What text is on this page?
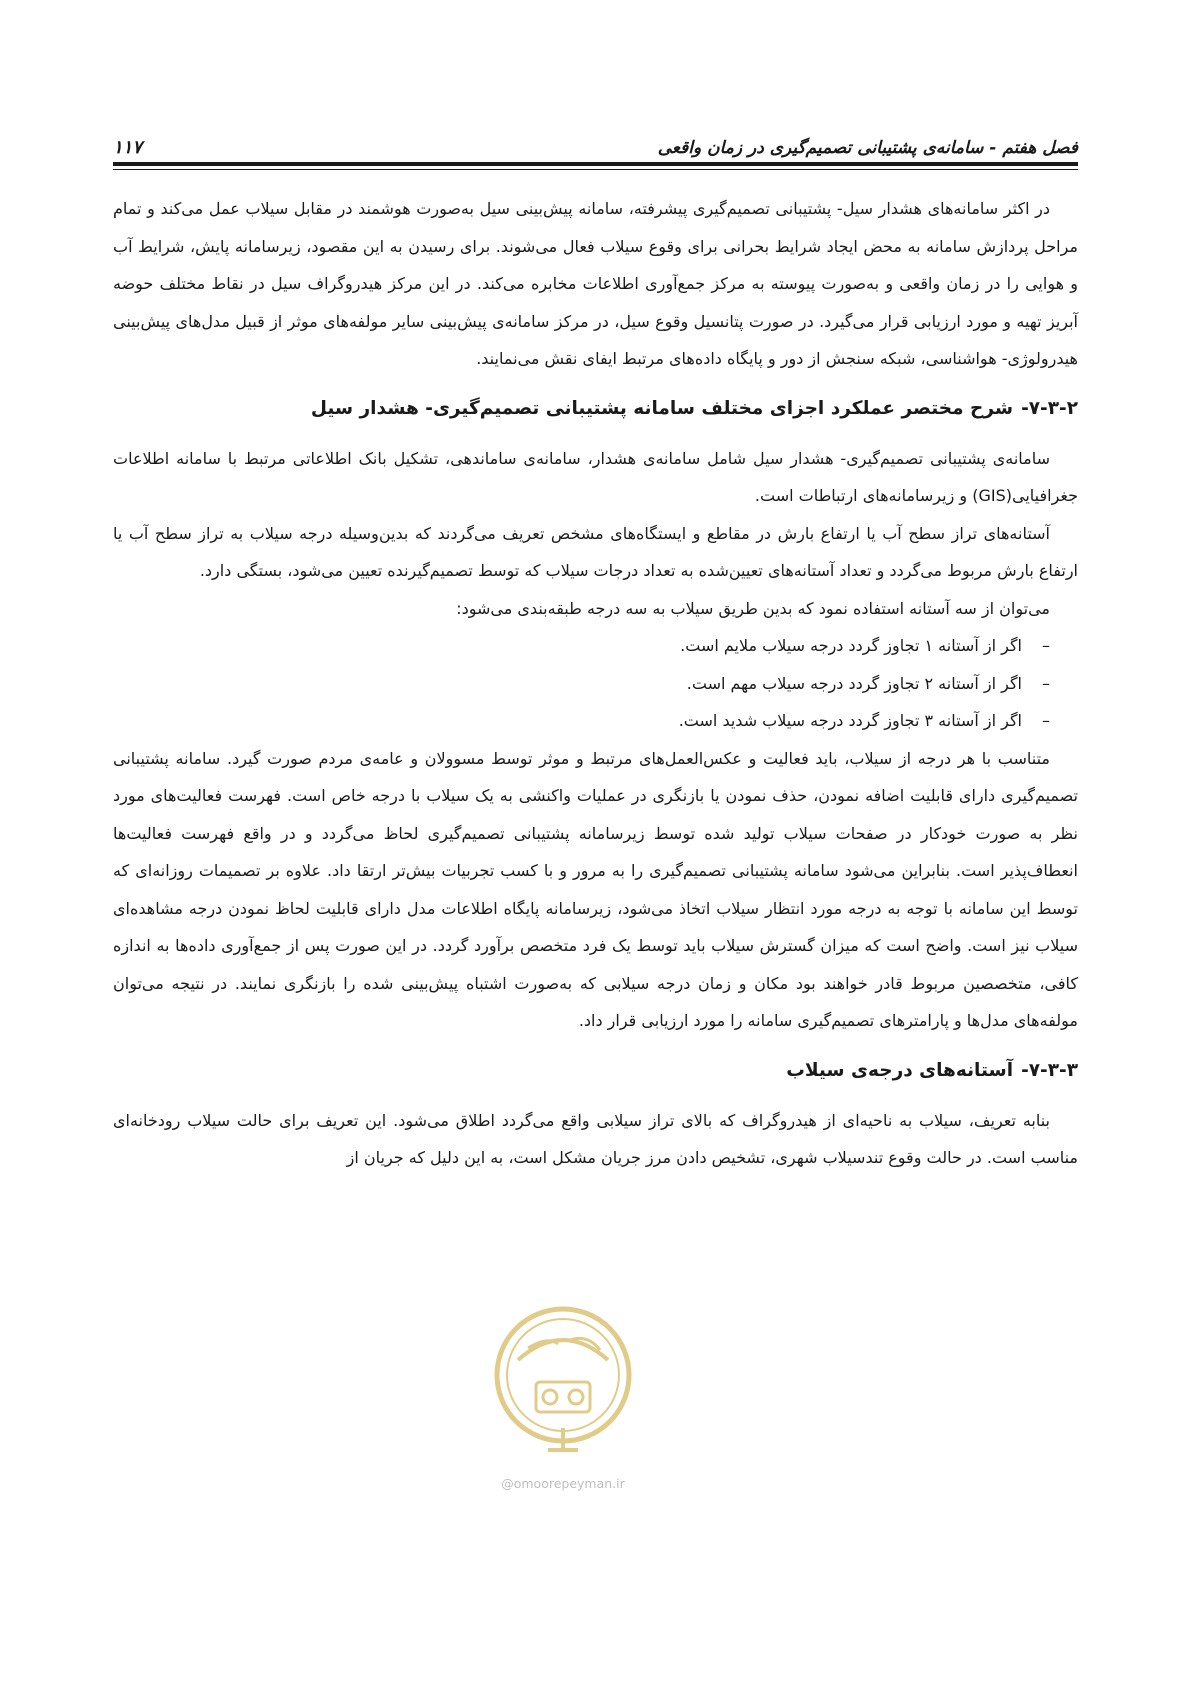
فصل هفتم - سامانه‌ی پشتیبانی تصمیم‌گیری در زمان واقعی
۱۱۷

در اکثر سامانه‌های هشدار سیل- پشتیبانی تصمیم‌گیری پیشرفته، سامانه پیش‌بینی سیل به‌صورت هوشمند در مقابل سیلاب عمل می‌کند و تمام مراحل پردازش سامانه به محض ایجاد شرایط بحرانی برای وقوع سیلاب فعال می‌شوند. برای رسیدن به این مقصود، زیرسامانه پایش، شرایط آب و هوایی را در زمان واقعی و به‌صورت پیوسته به مرکز جمع‌آوری اطلاعات مخابره می‌کند. در این مرکز هیدروگراف سیل در نقاط مختلف حوضه آبریز تهیه و مورد ارزیابی قرار می‌گیرد. در صورت پتانسیل وقوع سیل، در مرکز سامانه‌ی پیش‌بینی سایر مولفه‌های موثر از قبیل مدل‌های پیش‌بینی هیدرولوژی- هواشناسی، شبکه سنجش از دور و پایگاه داده‌های مرتبط ایفای نقش می‌نمایند.

۷-۳-۲-شرح مختصر عملکرد اجزای مختلف سامانه پشتیبانی تصمیم‌گیری- هشدار سیل

سامانه‌ی پشتیبانی تصمیم‌گیری- هشدار سیل شامل سامانه‌ی هشدار، سامانه‌ی ساماندهی، تشکیل بانک اطلاعاتی مرتبط با سامانه اطلاعات جغرافیایی(GIS) و زیرسامانه‌های ارتباطات است.

آستانه‌های تراز سطح آب یا ارتفاع بارش در مقاطع و ایستگاه‌های مشخص تعریف می‌گردند که بدین‌وسیله درجه سیلاب به تراز سطح آب یا ارتفاع بارش مربوط می‌گردد و تعداد آستانه‌های تعیین‌شده به تعداد درجات سیلاب که توسط تصمیم‌گیرنده تعیین می‌شود، بستگی دارد.

می‌توان از سه آستانه استفاده نمود که بدین طریق سیلاب به سه درجه طبقه‌بندی می‌شود:

–اگر از آستانه ۱ تجاوز گردد درجه سیلاب ملایم است.
–اگر از آستانه ۲ تجاوز گردد درجه سیلاب مهم است.
–اگر از آستانه ۳ تجاوز گردد درجه سیلاب شدید است.

متناسب با هر درجه از سیلاب، باید فعالیت و عکس‌العمل‌های مرتبط و موثر توسط مسوولان و عامه‌ی مردم صورت گیرد. سامانه پشتیبانی تصمیم‌گیری دارای قابلیت اضافه نمودن، حذف نمودن یا بازنگری در عملیات واکنشی به یک سیلاب با درجه خاص است. فهرست فعالیت‌های مورد نظر به صورت خودکار در صفحات سیلاب تولید شده توسط زیرسامانه پشتیبانی تصمیم‌گیری لحاظ می‌گردد و در واقع فهرست فعالیت‌ها انعطاف‌پذیر است. بنابراین می‌شود سامانه پشتیبانی تصمیم‌گیری را به مرور و با کسب تجربیات بیش‌تر ارتقا داد. علاوه بر تصمیمات روزانه‌ای که توسط این سامانه با توجه به درجه مورد انتظار سیلاب اتخاذ می‌شود، زیرسامانه پایگاه اطلاعات مدل دارای قابلیت لحاظ نمودن درجه مشاهده‌ای سیلاب نیز است. واضح است که میزان گسترش سیلاب باید توسط یک فرد متخصص برآورد گردد. در این صورت پس از جمع‌آوری داده‌ها به اندازه کافی، متخصصین مربوط قادر خواهند بود مکان و زمان درجه سیلابی که به‌صورت اشتباه پیش‌بینی شده را بازنگری نمایند. در نتیجه می‌توان مولفه‌های مدل‌ها و پارامترهای تصمیم‌گیری سامانه را مورد ارزیابی قرار داد.

۷-۳-۳-آستانه‌های درجه‌ی سیلاب

بنابه تعریف، سیلاب به ناحیه‌ای از هیدروگراف که بالای تراز سیلابی واقع می‌گردد اطلاق می‌شود. این تعریف برای حالت سیلاب رودخانه‌ای مناسب است. در حالت وقوع تندسیلاب شهری، تشخیص دادن مرز جریان مشکل است، به این دلیل که جریان از

@omoorepeyman.ir
